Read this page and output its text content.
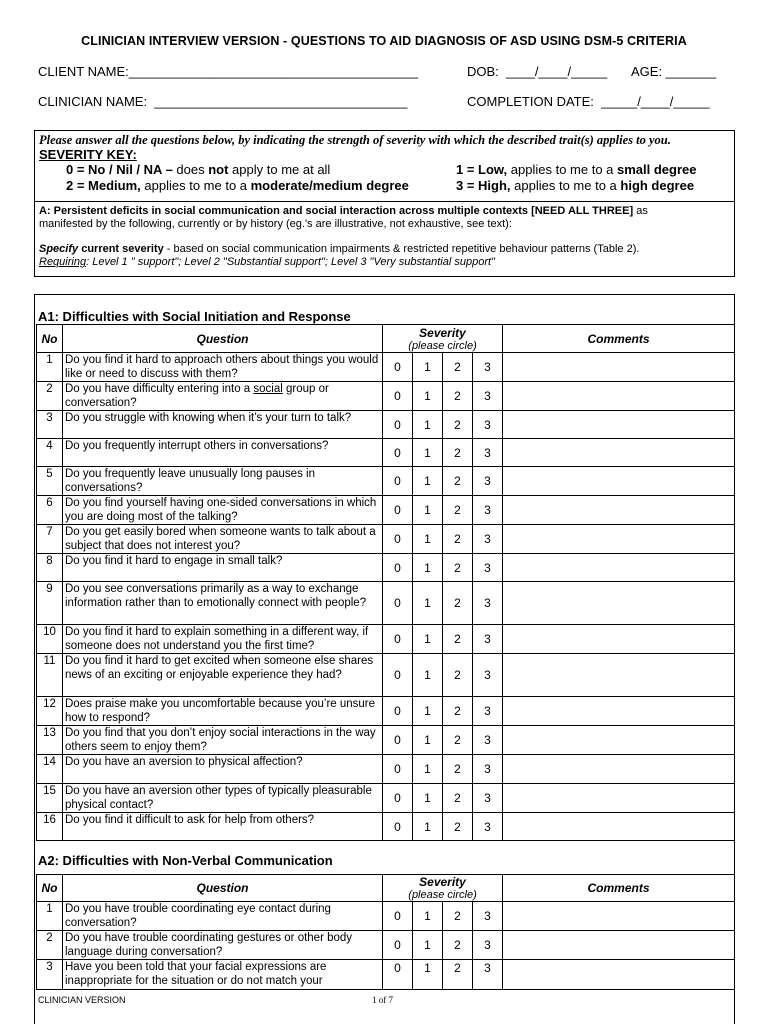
CLINICIAN INTERVIEW VERSION - QUESTIONS TO AID DIAGNOSIS OF ASD USING DSM-5 CRITERIA
CLIENT NAME:________________________________________	DOB:  ____/____/_____ AGE: _______
CLINICIAN NAME:  ___________________________________	COMPLETION DATE:  _____/____/_____
Please answer all the questions below, by indicating the strength of severity with which the described trait(s) applies to you.
SEVERITY KEY:
0 = No / Nil / NA – does not apply to me at all	1 = Low, applies to me to a small degree
2 = Medium, applies to me to a moderate/medium degree	3 = High, applies to me to a high degree
A: Persistent deficits in social communication and social interaction across multiple contexts [NEED ALL THREE] as
manifested by the following, currently or by history (eg.'s are illustrative, not exhaustive, see text):
Specify current severity - based on social communication impairments & restricted repetitive behaviour patterns (Table 2).
Requiring: Level 1 " support"; Level 2 "Substantial support"; Level 3 "Very substantial support"
A1: Difficulties with Social Initiation and Response
No	Question	Severity
(please circle)				Comments
1	Do you find it hard to approach others about things you would like or need to discuss with them?	0	1	2	3	
2	Do you have difficulty entering into a social group or conversation?	0	1	2	3	
3	Do you struggle with knowing when it’s your turn to talk?	0	1	2	3	
4	Do you frequently interrupt others in conversations?	0	1	2	3	
5	Do you frequently leave unusually long pauses in conversations?	0	1	2	3	
6	Do you find yourself having one-sided conversations in which you are doing most of the talking?	0	1	2	3	
7	Do you get easily bored when someone wants to talk about a subject that does not interest you?	0	1	2	3	
8	Do you find it hard to engage in small talk?	0	1	2	3	
9	Do you see conversations primarily as a way to exchange information rather than to emotionally connect with people?	0	1	2	3	
10	Do you find it hard to explain something in a different way, if someone does not understand you the first time?	0	1	2	3	
11	Do you find it hard to get excited when someone else shares news of an exciting or enjoyable experience they had?	0	1	2	3	
12	Does praise make you uncomfortable because you’re unsure how to respond?	0	1	2	3	
13	Do you find that you don’t enjoy social interactions in the way others seem to enjoy them?	0	1	2	3	
14	Do you have an aversion to physical affection?	0	1	2	3	
15	Do you have an aversion other types of typically pleasurable physical contact?	0	1	2	3	
16	Do you find it difficult to ask for help from others?	0	1	2	3	
A2: Difficulties with Non-Verbal Communication
No	Question	Severity
(please circle)				Comments
1	Do you have trouble coordinating eye contact during conversation?	0	1	2	3	
2	Do you have trouble coordinating gestures or other body language during conversation?	0	1	2	3	
3	Have you been told that your facial expressions are inappropriate for the situation or do not match your	0	1	2	3	
CLINICIAN VERSION	1 of 7
